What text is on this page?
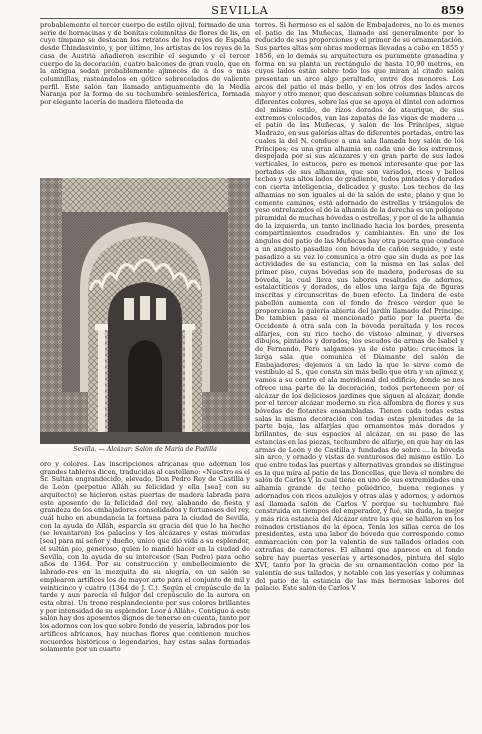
SEVILLA	859

probablemente el tercer cuerpo de estilo ojival, formado de una serie de hornacinas y de bonitas columnitas de flores de lis, en cuyo tímpano se destacan los retratos de los reyes de España desde Chindasvinto, y, por último, los artistas de los reyes de la casa de Austria añadieron escribir el segundo y el tercer cuerpo de la decoración, cuatro balcones de gran vuelo, que en la antigua sedan probablemente ajimeces de a dos o más columnillas, rasteándolos en gótico sobrecelados de valiente perfil. Este salón tan llamado antiguamente de la Media Naranja por la forma de su techumbre semiesférica, formada por elegante lacería de madera fileteada de

Sevilla. — Alcázar: Salón de María de Padilla

oro y colores. Las inscripciones africanas que adornan los grandes tableros dicen, traducidas al castellano: «Nuestro es el Sr. Sultán engrandecido, elevado, Don Pedro Rey de Castilla y de León (perpetue Alláh su felicidad y ella [sea] con su arquitecto) se hicieron estas puertas de madera labrada para este aposento de la felicidad del rey, alabando de fiesta y grandeza de los embajadores consolidados y fortunosos del rey, cuál hubo en abundancia la fortuna para la ciudad de Sevilla, con la ayuda de Alláh, esparcía su gracia del que lo ha hecho (se levantaron) los palacios y los alcázares y estas moradas [sea] para mí señor y dueño, unico que dió vida a su esplendor, el sultán pío, generoso, quien lo mandó hacer en la ciudad de Sevilla, con la ayuda de su intercesor (San Pedro) para ocho años de 1364. Por su construcción y embellecimiento de labrado-res en la mezquita de su alegría, en un salón se emplearon artífices los de mayor arte para el conjunto de mil y veinticinco y cuatro (1364 de J. C.). Según el crepúsculo de la tarde y aun parecía el fulgor del crepúsculo de la aurora en esta obra). Un trono resplandeciente por sus colores brillantes y por intensidad de su esplendor. Loor á Alláh». Contiguo á este salón hay dos aposentos dignos de tenerse en cuenta, tanto por los adornos con los que sobre fondo de yesería, labrados por los artífices africanos, hay muchas flores que contienen muchos recuerdos históricos o legendarios, hay estas salas formadas solamente por un cuarto

torres. Si hermoso es el salón de Embajadores, no lo es menos el patio de las Muñecas, llamado así generalmente por lo reducido de sus proporciones y el primor de su ornamentación. Sus partes altas son obras modernas llevadas a cabo en 1855 y 1856, en lo demás su arquitectura es puramente granadina y forma en su planta un rectángulo de hasta 10,90 metros, en cuyos lados están sobre todo los que miran al citado salón presentan un arco algo peraltado, entre dos menores. Los arcos del patio el más bello, y en los otros dos lados arcos mayor y otro menor, que descansan sobre columnas blancas de diferentes colores, sobre las que se apoya el dintel con adornos del mismo estilo, de rizos dorados de ataurique, de sus extremos colocados, van las zapatas de las vigas de madera ... el patio de las Muñecas, y salón de los Príncipes, sigue Madrazo, en sus galerías altas de diferentes portadas, entre las cuales la del N. conduce a una sala llamada hoy salón de los Príncipes; es una gran alhamía en cada uno de los extremos, despejada por si sus alcázares y en gran parte de sus lados verticales, lo estucos, pero es menos interesante que por las portadas de sus alhamias, que son variados, ricos y bellos techos y sus altos lados de gradiente, todos pintados y dorados con cierta inteligencia, delicadez y gusto. Los techos de las alhamias no son iguales al de la salón de este, plano y que le cemente caminos, está adornado de estrellas y triángulos de yeso entrelazados el de la alhamía de la derecha es un polígono piramidal de muchas bóvedas o estrellas, y por el de la alhamia de la izquierda, un tanto inclinado hacia los bordes, presenta compartimientos cuadrados y cambiantes. En uno de los ángulos del patio de las Muñecas hay otra puerta que conduce a un angosto pasadizo con bóveda de cañón seguido, y este pasadizo a su vez lo comunica a otro que sin duda es por las actividades de su estancia, con la misma en las salas del primer piso, cuyas bóvedas son de madera, poderosas de su bóveda, la cual lleva sus labores resaltados de adornos, estalactíticos y dorados, de ellos una larga faja de figuras inscritas y circunscritas de buen efecto. La lindera de este pabellón aumenta con el fondo de fresco verdor que le proporciona la galería abierta del jardín llamado del Príncipe. De tambien pasa el mencionado patio por la puerta de Occidente á otra sala con la bóveda peraltada y los recos alfarjes, con su rico techo de vistoso alminar, y diversos dibujos, pintados y dorados, los escudos de armas de Isabel y de Fernando. Pero salgamos ya de este patio: crucemos la larga sala que comunica el Diamante del salón de Embajadores; dejemos á un lado la que le sirve como de vestíbulo al S., que consta sin más bello que otra y un ajimez y, vamos a su centro el ala meridional del edificio, donde se nos ofrece una parte de la decoración, todos pertenecen por el alcázar de los deliciosos jardines que siguen al alcázar, donde por el tercer alcázar moderno su rica alfombra de flores y sus bóvedas de flotantes ensambladas. Tienen cada todas estas salas la misma decoración con todas estas plenitudes de la parte baja, las alfarjías que ornamentos más dorados y brillantes, de sus espacios al alcázar, en su paso de las estancias en las piezas, techumbre de alfarje, en que hay en las armas de León y de Castilla y fundadas de sobre ... la bóveda sin arco, y ornado y vistas de venturosos del mismo estilo. Lo que entre todas las puertas y alternativas grandes se distingue es la que mira al patio de las Doncellas, que lleva el nombre de salón de Carlos V, la cual tiene en uno de sus extremidades una alhamía grande de techo poliédrico, buena regiones y adornados con ricos azulejos y otras alas y adornos, y adornos así llamada salón de Carlos V porque su techumbre fué construida en tiempos del emperador, y fué, sin duda, la mejor y más rica estancia del Alcázar entre las que se hallaron en los reinados cristianos de la época. Tenía los sillas cerca de los presidentes, esta una labor de bóveda que corresponde como enmarcación con por la valentía de sus tallados orlados con extrañas de caracteres. El alhamí que aparece en el fondo sobre hay puertas yeserías y artesonados, pintura del siglo XVI, tanto por la gracia de su ornamentación como por la valentía de sus tallados, y notable con las yeserías y columnas del patio de la estancia de las más hermosas labores del palacio. Este salón de Carlos V
